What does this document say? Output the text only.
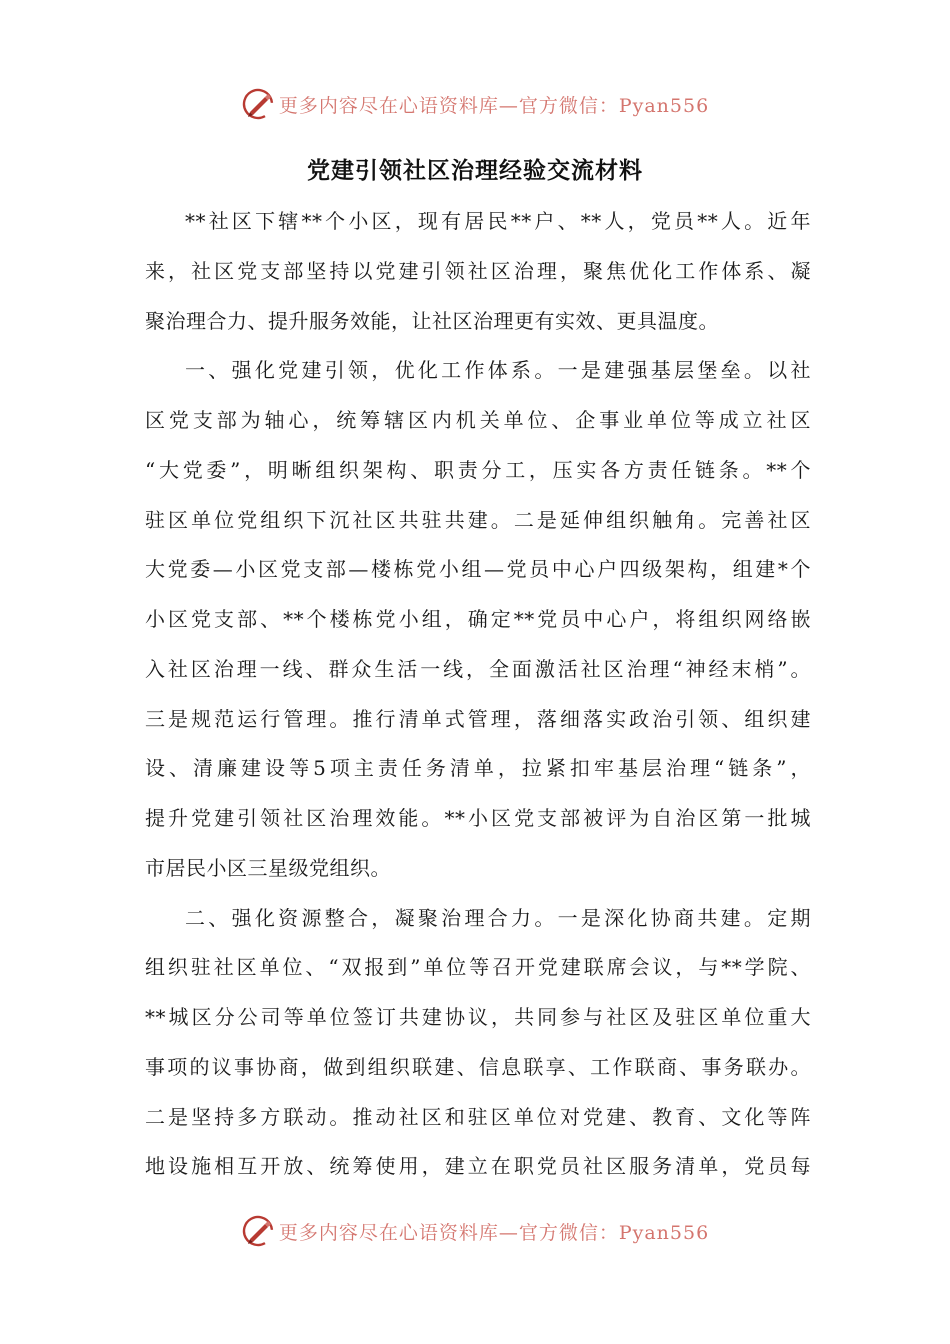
更多内容尽在心语资料库—官方微信：Pyan556
党建引领社区治理经验交流材料
**社区下辖**个小区，现有居民**户、**人，党员**人。近年
来，社区党支部坚持以党建引领社区治理，聚焦优化工作体系、凝
聚治理合力、提升服务效能，让社区治理更有实效、更具温度。
一、强化党建引领，优化工作体系。一是建强基层堡垒。以社
区党支部为轴心，统筹辖区内机关单位、企事业单位等成立社区
“大党委”，明晰组织架构、职责分工，压实各方责任链条。**个
驻区单位党组织下沉社区共驻共建。二是延伸组织触角。完善社区
大党委—小区党支部—楼栋党小组—党员中心户四级架构，组建*个
小区党支部、**个楼栋党小组，确定**党员中心户，将组织网络嵌
入社区治理一线、群众生活一线，全面激活社区治理“神经末梢”。
三是规范运行管理。推行清单式管理，落细落实政治引领、组织建
设、清廉建设等5项主责任务清单，拉紧扣牢基层治理“链条”，
提升党建引领社区治理效能。**小区党支部被评为自治区第一批城
市居民小区三星级党组织。
二、强化资源整合，凝聚治理合力。一是深化协商共建。定期
组织驻社区单位、“双报到”单位等召开党建联席会议，与**学院、
**城区分公司等单位签订共建协议，共同参与社区及驻区单位重大
事项的议事协商，做到组织联建、信息联享、工作联商、事务联办。
二是坚持多方联动。推动社区和驻区单位对党建、教育、文化等阵
地设施相互开放、统筹使用，建立在职党员社区服务清单，党员每
更多内容尽在心语资料库—官方微信：Pyan556
